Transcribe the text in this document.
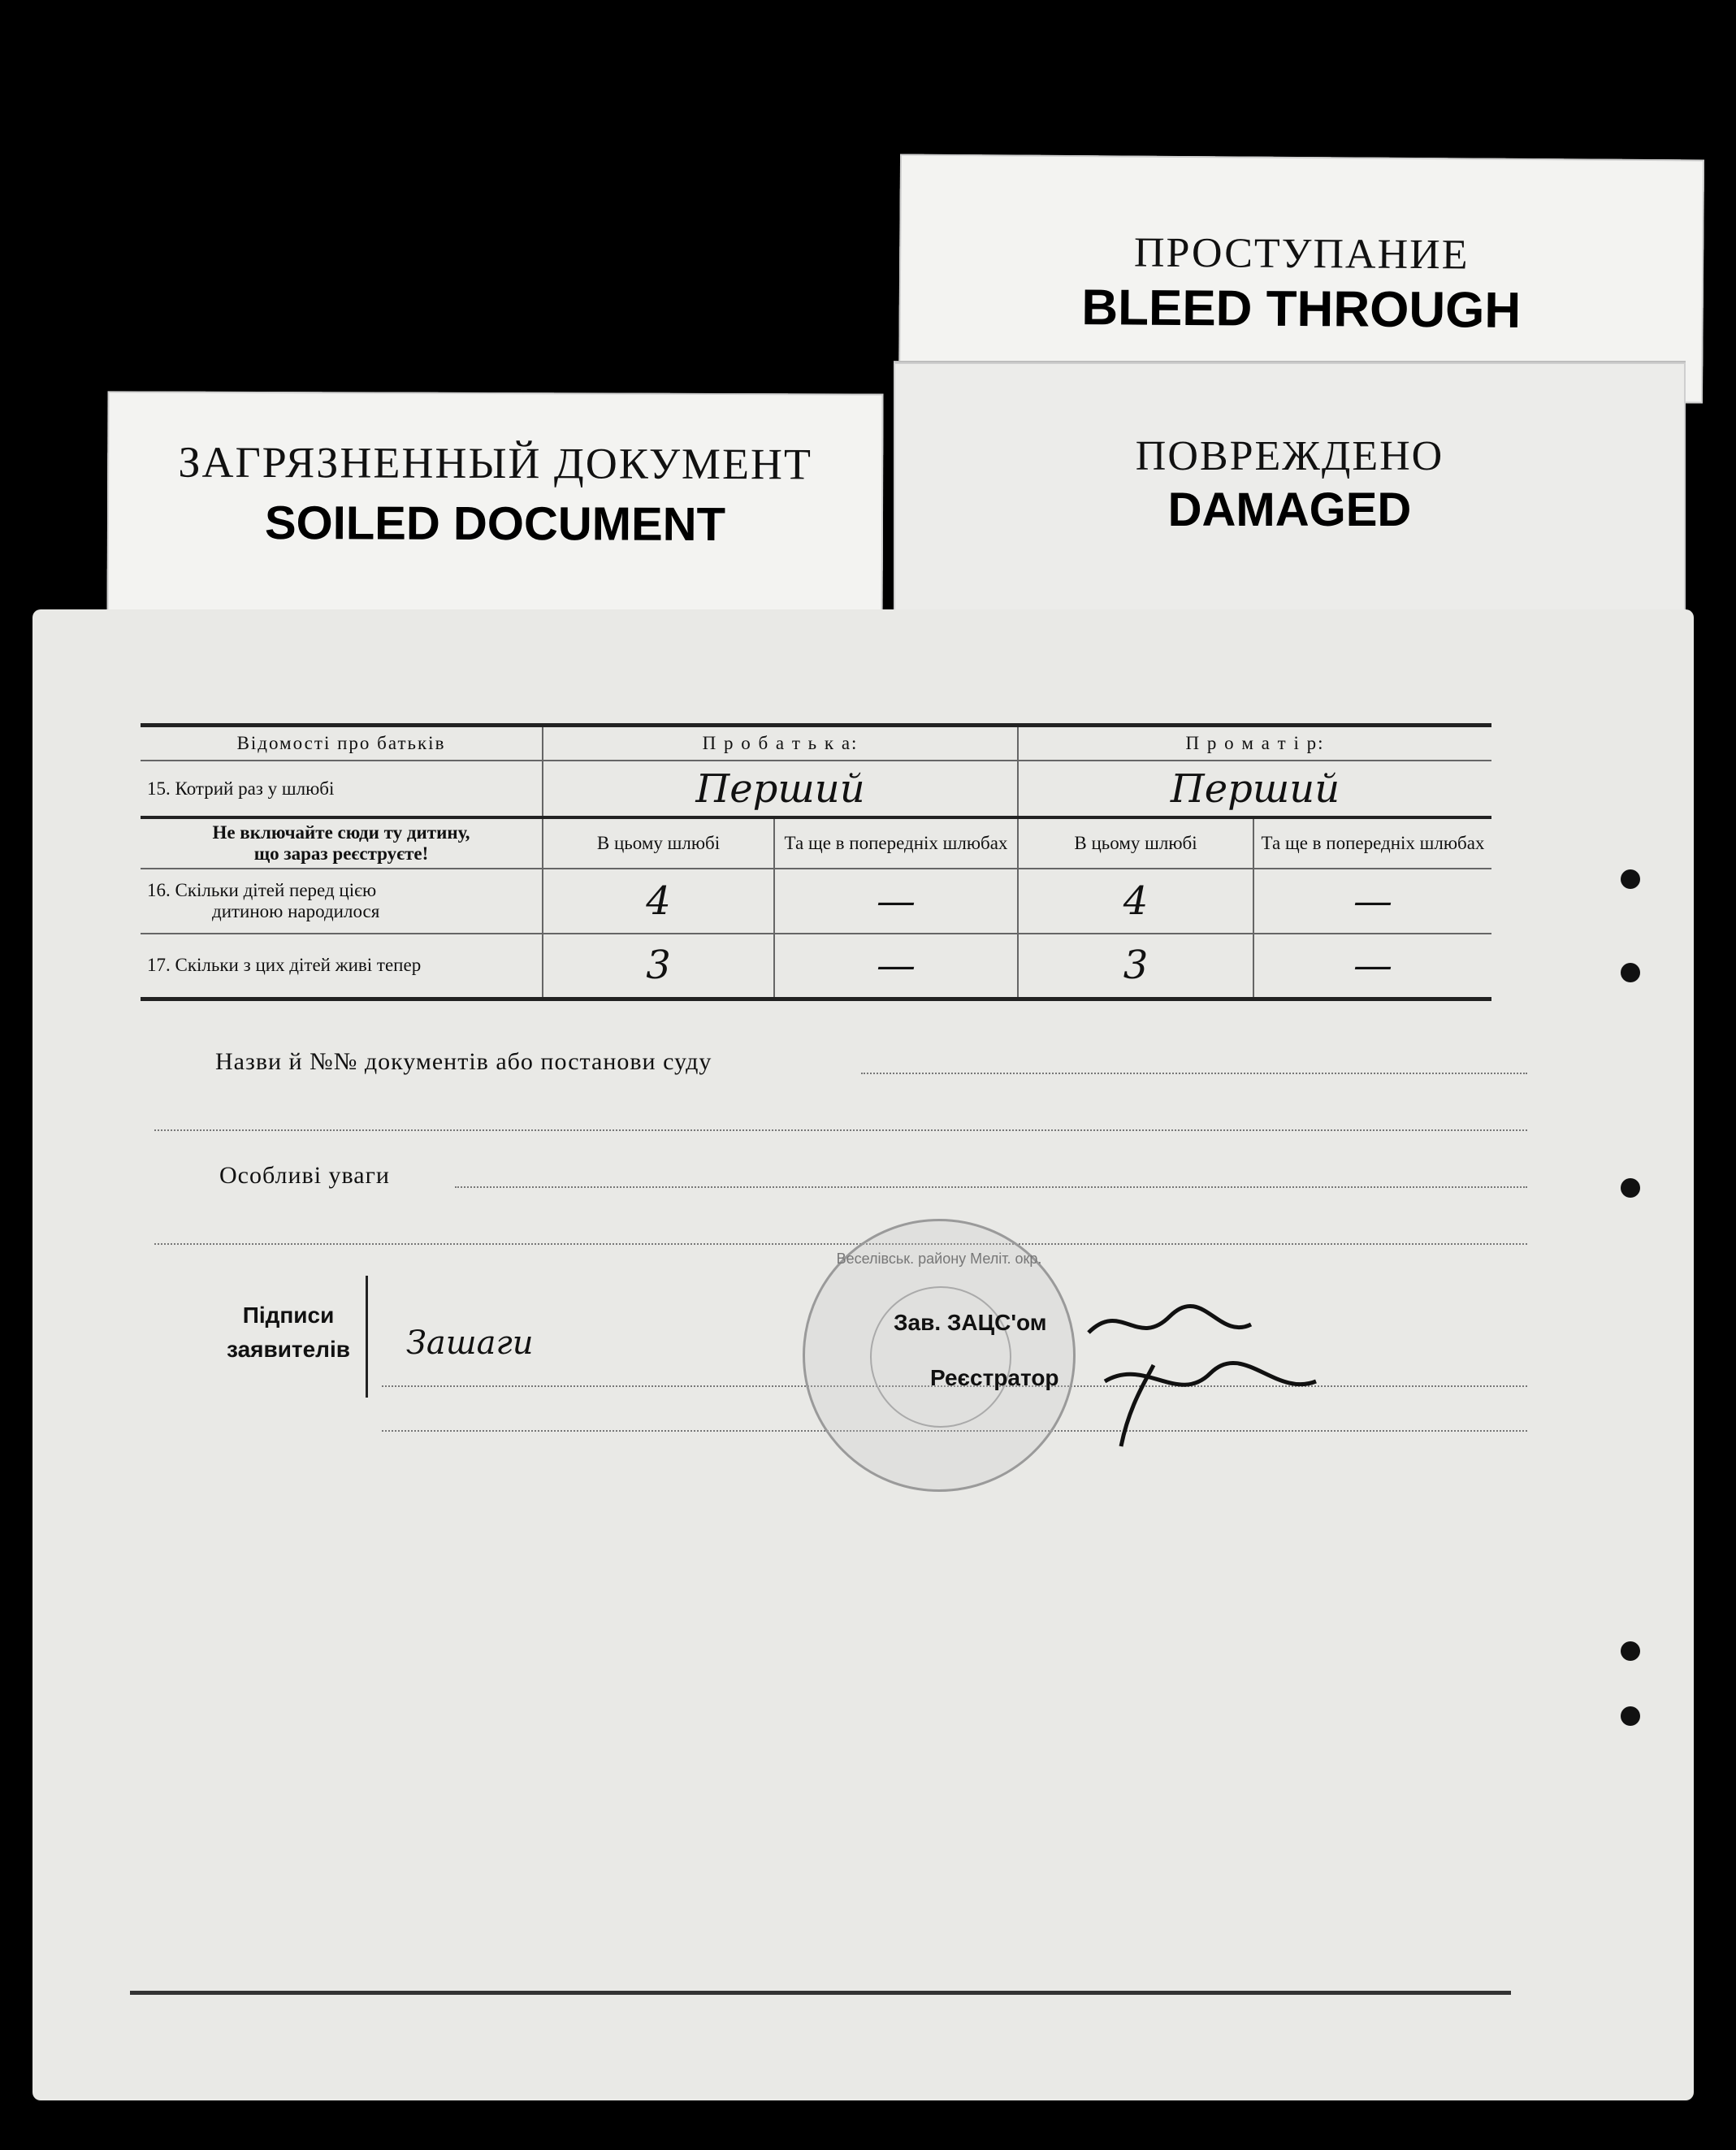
ПРОСТУПАНИЕ
BLEED THROUGH
ПОВРЕЖДЕНО
DAMAGED
ЗАГРЯЗНЕННЫЙ ДОКУМЕНТ
SOILED DOCUMENT
Відомості про батьків	П р о б а т ь к а:		П р о м а т і р:	
15. Котрий раз у шлюбі	Перший		Перший	

Не включайте сюди ту дитину,
що зараз реєструєте!	В цьому шлюбі	Та ще в попередніх шлюбах	В цьому шлюбі	Та ще в попередніх шлюбах

16. Скільки дітей перед цією
дитиною народилося	4	—	4	—
17. Скільки з цих дітей живі тепер	3	—	3	—
Назви й №№ документів або постанови суду
Особливі уваги
Підписи
заявителів	Зашаги
Веселівськ. району Меліт. окр.
Зав. ЗАЦС'ом
Реєстратор
